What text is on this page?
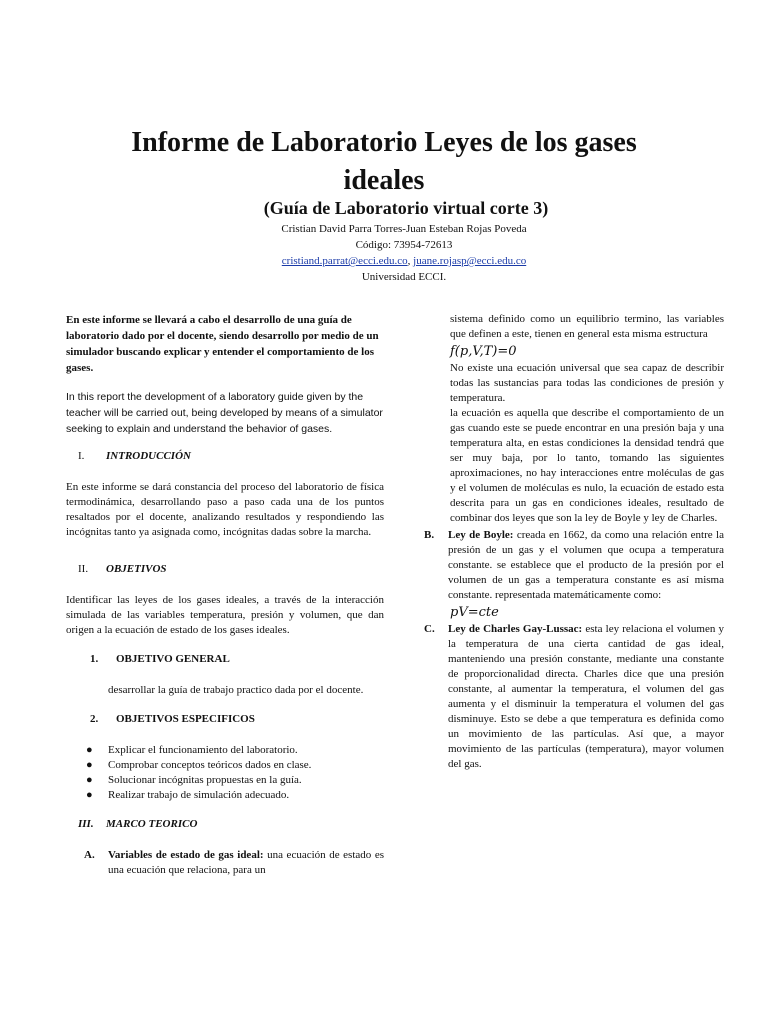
Informe de Laboratorio Leyes de los gases
ideales
(Guía de Laboratorio virtual corte 3)
Cristian David Parra Torres-Juan Esteban Rojas Poveda
Código: 73954-72613
cristiand.parrat@ecci.edu.co, juane.rojasp@ecci.edu.co
Universidad ECCI.
En este informe se llevará a cabo el desarrollo de una guía de laboratorio dado por el docente, siendo desarrollo por medio de un simulador buscando explicar y entender el comportamiento de los gases.
In this report the development of a laboratory guide given by the teacher will be carried out, being developed by means of a simulator seeking to explain and understand the behavior of gases.
I.	INTRODUCCIÓN
En este informe se dará constancia del proceso del laboratorio de física termodinámica, desarrollando paso a paso cada una de los puntos resaltados por el docente, analizando resultados y respondiendo las incógnitas tanto ya asignada como, incógnitas dadas sobre la marcha.
II.	OBJETIVOS
Identificar las leyes de los gases ideales, a través de la interacción simulada de las variables temperatura, presión y volumen, que dan origen a la ecuación de estado de los gases ideales.
1.	OBJETIVO GENERAL
desarrollar la guía de trabajo practico dada por el docente.
2.	OBJETIVOS ESPECIFICOS
●	Explicar el funcionamiento del laboratorio.
●	Comprobar conceptos teóricos dados en clase.
●	Solucionar incógnitas propuestas en la guía.
●	Realizar trabajo de simulación adecuado.
III.	MARCO TEORICO
A.	Variables de estado de gas ideal: una ecuación de estado es una ecuación que relaciona, para un
sistema definido como un equilibrio termino, las variables que definen a este, tienen en general esta misma estructura
f(p,V,T)=0
No existe una ecuación universal que sea capaz de describir todas las sustancias para todas las condiciones de presión y temperatura.
la ecuación es aquella que describe el comportamiento de un gas cuando este se puede encontrar en una presión baja y una temperatura alta, en estas condiciones la densidad tendrá que ser muy baja, por lo tanto, tomando las siguientes aproximaciones, no hay interacciones entre moléculas de gas y el volumen de moléculas es nulo, la ecuación de estado esta descrita para un gas en condiciones ideales, resultado de combinar dos leyes que son la ley de Boyle y ley de Charles.
B.	Ley de Boyle: creada en 1662, da como una relación entre la presión de un gas y el volumen que ocupa a temperatura constante. se establece que el producto de la presión por el volumen de un gas a temperatura constante es así misma constante. representada matemáticamente como:
pV=cte
C.	Ley de Charles Gay-Lussac: esta ley relaciona el volumen y la temperatura de una cierta cantidad de gas ideal, manteniendo una presión constante, mediante una constante de proporcionalidad directa. Charles dice que una presión constante, al aumentar la temperatura, el volumen del gas aumenta y el disminuir la temperatura el volumen del gas disminuye. Esto se debe a que temperatura es definida como un movimiento de las partículas. Así que, a mayor movimiento de las partículas (temperatura), mayor volumen del gas.
